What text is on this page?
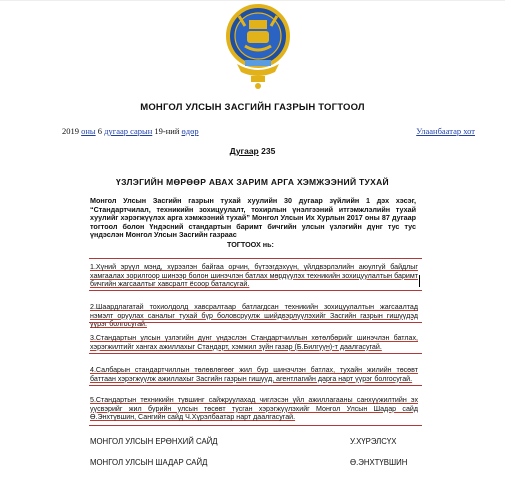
МОНГОЛ УЛСЫН ЗАСГИЙН ГАЗРЫН ТОГТООЛ
2019 оны 6 дугаар сарын 19-ний өдөр	Улаанбаатар хот
Дугаар 235
ҮЗЛЭГИЙН МӨРӨӨР АВАХ ЗАРИМ АРГА ХЭМЖЭЭНИЙ ТУХАЙ
Монгол Улсын Засгийн газрын тухай хуулийн 30 дугаар зүйлийн 1 дэх хэсэг, “Стандартчилал, техникийн зохицуулалт, тохирлын үнэлгээний итгэмжлэлийн тухай хуулийг хэрэгжүүлэх арга хэмжээний тухай” Монгол Улсын Их Хурлын 2017 оны 87 дугаар тогтоол болон Үндэсний стандартын баримт бичгийн улсын үзлэгийн дүнг тус тус үндэслэн Монгол Улсын Засгийн газраас
ТОГТООХ нь:
1.Хүний эрүүл мэнд, хүрээлэн байгаа орчин, бүтээгдэхүүн, үйлдвэрлэлийн аюулгүй байдлыг хамгаалах зорилгоор шинээр болон шинэчлэн батлах мөрдүүлэх техникийн зохицуулалтын баримт бичгийн жагсаалтыг хавсралт ёсоор баталсугай.
2.Шаардлагатай тохиолдолд хавсралтаар батлагдсан техникийн зохицуулалтын жагсаалтад нэмэлт оруулах саналыг тухай бүр боловсруулж шийдвэрлүүлэхийг Засгийн газрын гишүүдэд үүрэг болгосугай.
3.Стандартын улсын үзлэгийн дүнг үндэслэн Стандартчиллын хөтөлбөрийг шинэчлэн батлах, хэрэгжилтийг хангах ажиллахыг Стандарт, хэмжил зүйн газар (Б.Билгүүн)-т даалгасугай.
4.Салбарын стандартчиллын төлөвлөгөөг жил бүр шинэчлэн батлах, тухайн жилийн төсөвт баттаан хэрэгжүүлж ажиллахыг Засгийн газрын гишүүд, агентлагийн дарга нарт үүрэг болгосугай.
5.Стандартын техникийн түвшинг сайжруулахад чиглэсэн үйл ажиллагааны санхүүжилтийн эх үүсвэрийг жил бүрийн улсын төсөвт тусган хэрэгжүүлэхийг Монгол Улсын Шадар сайд Ө.Энхтүвшин, Сангийн сайд Ч.Хүрэлбаатар нарт даалгасугай.
МОНГОЛ УЛСЫН ЕРӨНХИЙ САЙД	У.ХҮРЭЛСҮХ
МОНГОЛ УЛСЫН ШАДАР САЙД	Ө.ЭНХТҮВШИН
